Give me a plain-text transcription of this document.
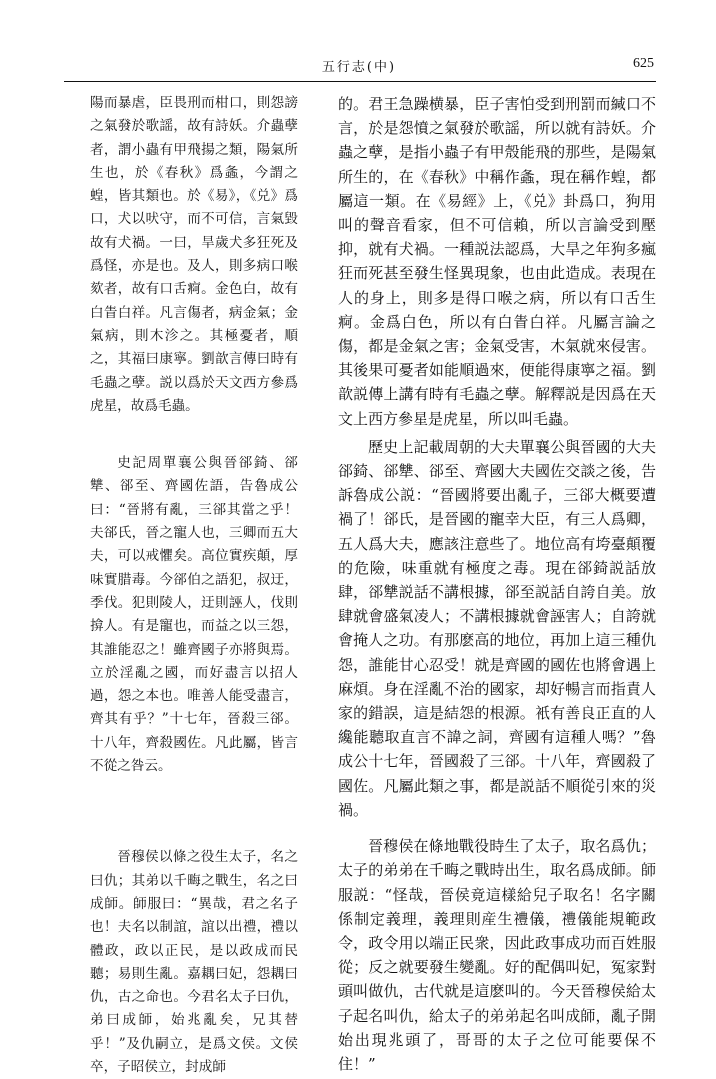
五行志(中)	625

陽而暴虐，臣畏刑而柑口，則怨謗之氣發於歌謡，故有詩妖。介蟲孽者，謂小蟲有甲飛揚之類，陽氣所生也，於《春秋》爲螽，今謂之蝗，皆其類也。於《易》，《兑》爲口，犬以吠守，而不可信，言氣毀故有犬禍。一曰，旱歲犬多狂死及爲怪，亦是也。及人，則多病口喉欬者，故有口舌痾。金色白，故有白眚白祥。凡言傷者，病金氣；金氣病，則木沴之。其極憂者，順之，其福曰康寧。劉歆言傳曰時有毛蟲之孽。説以爲於天文西方參爲虎星，故爲毛蟲。

史記周單襄公與晉郤錡、郤犨、郤至、齊國佐語，告魯成公曰：“晉將有亂，三郤其當之乎！夫郤氏，晉之寵人也，三卿而五大夫，可以戒懼矣。高位實疾顛，厚味實腊毒。今郤伯之語犯，叔迂，季伐。犯則陵人，迂則誣人，伐則揜人。有是寵也，而益之以三怨，其誰能忍之！雖齊國子亦將與焉。立於淫亂之國，而好盡言以招人過，怨之本也。唯善人能受盡言，齊其有乎？”十七年，晉殺三郤。十八年，齊殺國佐。凡此屬，皆言不從之咎云。

晉穆侯以條之役生太子，名之曰仇；其弟以千畮之戰生，名之曰成師。師服曰：“異哉，君之名子也！夫名以制誼，誼以出禮，禮以體政，政以正民，是以政成而民聽；易則生亂。嘉耦曰妃，怨耦曰仇，古之命也。今君名太子曰仇，弟曰成師，始兆亂矣，兄其替乎！”及仇嗣立，是爲文侯。文侯卒，子昭侯立，封成師

的。君王急躁横暴，臣子害怕受到刑罰而緘口不言，於是怨憤之氣發於歌謡，所以就有詩妖。介蟲之孽，是指小蟲子有甲殼能飛的那些，是陽氣所生的，在《春秋》中稱作螽，現在稱作蝗，都屬這一類。在《易經》上，《兑》卦爲口，狗用叫的聲音看家，但不可信賴，所以言論受到壓抑，就有犬禍。一種説法認爲，大旱之年狗多瘋狂而死甚至發生怪異現象，也由此造成。表現在人的身上，則多是得口喉之病，所以有口舌生痾。金爲白色，所以有白眚白祥。凡屬言論之傷，都是金氣之害；金氣受害，木氣就來侵害。其後果可憂者如能順過來，便能得康寧之福。劉歆説傳上講有時有毛蟲之孽。解釋説是因爲在天文上西方參星是虎星，所以叫毛蟲。

歷史上記載周朝的大夫單襄公與晉國的大夫郤錡、郤犨、郤至、齊國大夫國佐交談之後，告訴魯成公説：“晉國將要出亂子，三郤大概要遭禍了！郤氏，是晉國的寵幸大臣，有三人爲卿，五人爲大夫，應該注意些了。地位高有垮臺顛覆的危險，味重就有極度之毒。現在郤錡説話放肆，郤犨説話不講根據，郤至説話自誇自美。放肆就會盛氣凌人；不講根據就會誣害人；自誇就會掩人之功。有那麽高的地位，再加上這三種仇怨，誰能甘心忍受！就是齊國的國佐也將會遇上麻煩。身在淫亂不治的國家，却好暢言而指責人家的錯誤，這是結怨的根源。衹有善良正直的人纔能聽取直言不諱之詞，齊國有這種人嗎？”魯成公十七年，晉國殺了三郤。十八年，齊國殺了國佐。凡屬此類之事，都是説話不順從引來的災禍。

晉穆侯在條地戰役時生了太子，取名爲仇；太子的弟弟在千畮之戰時出生，取名爲成師。師服説：“怪哉，晉侯竟這樣給兒子取名！名字關係制定義理，義理則産生禮儀，禮儀能規範政令，政令用以端正民衆，因此政事成功而百姓服從；反之就要發生變亂。好的配偶叫妃，冤家對頭叫做仇，古代就是這麽叫的。今天晉穆侯給太子起名叫仇，給太子的弟弟起名叫成師，亂子開始出現兆頭了，哥哥的太子之位可能要保不住！”
